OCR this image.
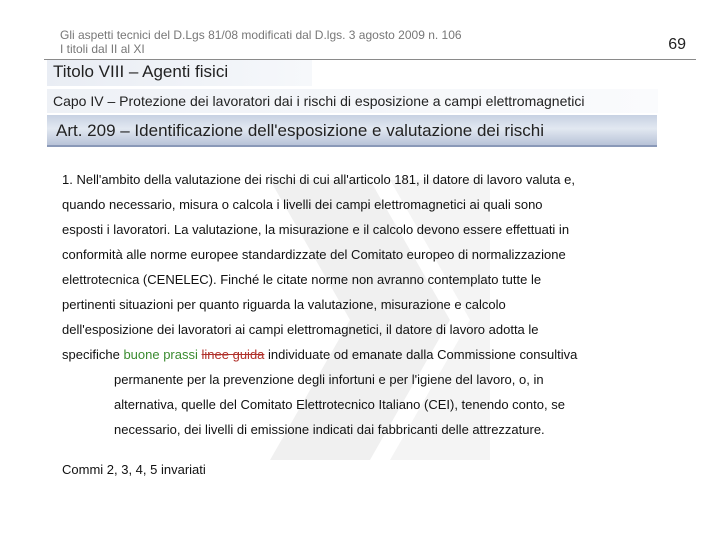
Gli aspetti tecnici del D.Lgs 81/08 modificati dal D.lgs. 3 agosto 2009 n. 106
I titoli dal II al XI	69
Titolo VIII – Agenti fisici
Capo IV – Protezione dei lavoratori dai i rischi di esposizione a campi elettromagnetici
Art. 209 – Identificazione dell'esposizione e valutazione dei rischi
1. Nell'ambito della valutazione dei rischi di cui all'articolo 181, il datore di lavoro valuta e,
quando necessario, misura o calcola i livelli dei campi elettromagnetici ai quali sono
esposti i lavoratori. La valutazione, la misurazione e il calcolo devono essere effettuati in
conformità alle norme europee standardizzate del Comitato europeo di normalizzazione
elettrotecnica (CENELEC). Finché le citate norme non avranno contemplato tutte le
pertinenti situazioni per quanto riguarda la valutazione, misurazione e calcolo
dell'esposizione dei lavoratori ai campi elettromagnetici, il datore di lavoro adotta le
specifiche buone prassi linee guida individuate od emanate dalla Commissione consultiva
permanente per la prevenzione degli infortuni e per l'igiene del lavoro, o, in
alternativa, quelle del Comitato Elettrotecnico Italiano (CEI), tenendo conto, se
necessario, dei livelli di emissione indicati dai fabbricanti delle attrezzature.
Commi 2, 3, 4, 5 invariati
